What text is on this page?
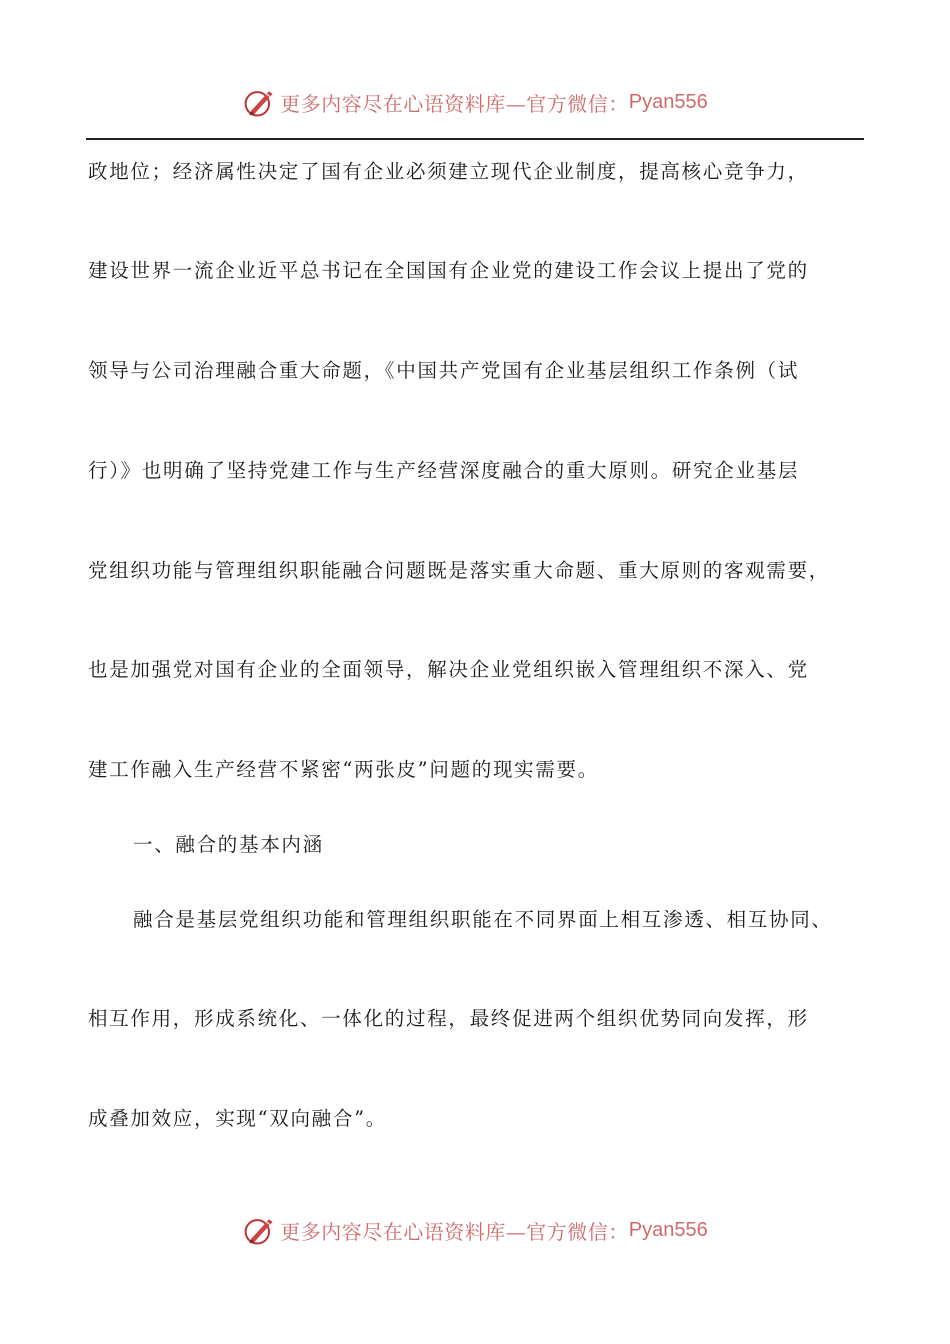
更多内容尽在心语资料库—官方微信： Pyan556
政地位；经济属性决定了国有企业必须建立现代企业制度，提高核心竞争力，
建设世界一流企业近平总书记在全国国有企业党的建设工作会议上提出了党的
领导与公司治理融合重大命题，《中国共产党国有企业基层组织工作条例（试
行）》也明确了坚持党建工作与生产经营深度融合的重大原则。研究企业基层
党组织功能与管理组织职能融合问题既是落实重大命题、重大原则的客观需要，
也是加强党对国有企业的全面领导，解决企业党组织嵌入管理组织不深入、党
建工作融入生产经营不紧密“两张皮”问题的现实需要。
一、融合的基本内涵
融合是基层党组织功能和管理组织职能在不同界面上相互渗透、相互协同、
相互作用，形成系统化、一体化的过程，最终促进两个组织优势同向发挥，形
成叠加效应，实现“双向融合”。
更多内容尽在心语资料库—官方微信： Pyan556
